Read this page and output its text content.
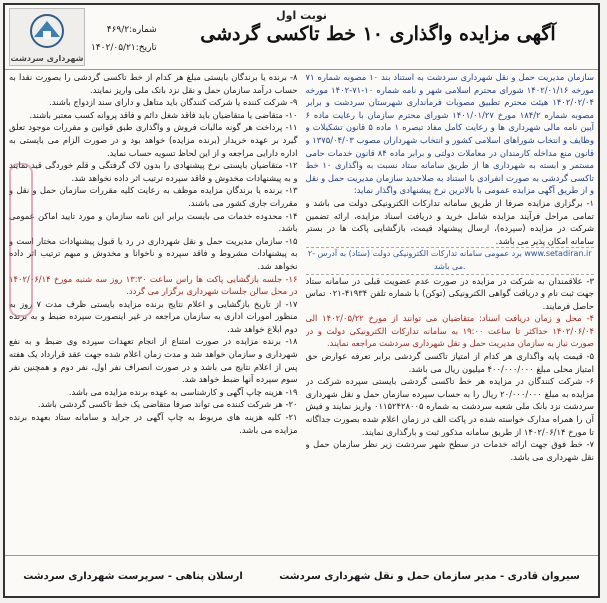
نوبت اول
آگهی مزایده واگذاری ۱۰ خط تاکسی گردشی
شماره:۴۶۹/۲
تاریخ:۱۴۰۲/۰۵/۲۱
شهرداری سردشت

سازمان مدیریت حمل و نقل شهرداری سردشت به استناد بند ۱۰ مصوبه شماره ۷۱ مورخه ۱۴۰۲/۰۱/۱۶ شورای محترم اسلامی شهر و نامه شماره ۱۰-۷۱-۱۴۰۲ مورخه ۱۴۰۲/۰۲/۰۴ هیئت محترم تطبیق مصوبات فرمانداری شهرستان سردشت و برابر مصوبه شماره ۱۸۴/۲ مورخ ۱۴۰۱/۰۱/۲۷ شورای محترم سازمان با رعایت ماده ۶ آیین نامه مالی شهرداری ها و رعایت کامل مفاد تبصره ۱ ماده ۵ قانون تشکیلات و وظایف و انتخاب شوراهای اسلامی کشور و انتخاب شهرداران مصوب ۱۳۷۵/۰۴/۰۳ و قانون منع مداخله کارمندان در معاملات دولتی و برابر ماده ۸۴ قانون خدمات حامی مستمر و ابسته به شهرداری ها از طریق سامانه ستاد نسبت به واگذاری ۱۰ خط تاکسی گردشی به صورت انفرادی با استناد به صلاحدید سازمان مدیریت حمل و نقل و از طریق آگهی مزایده عمومی با بالاترین نرخ پیشنهادی واگذار نماید:

۱- برگزاری مزایده صرفا از طریق سامانه تدارکات الکترونیکی دولت می باشد و تمامی مراحل فرآیند مزایده شامل خرید و دریافت اسناد مزایده، ارائه تضمین شرکت در مزایده (سپرده)، ارسال پیشنهاد قیمت، بازگشایی پاکت ها در بستر سامانه امکان پذیر می باشد.

۲- برد عمومی سامانه تدارکات الکترونیکی دولت (ستاد) به آدرس www.setadiran.ir می باشد.

۳- علاقمندان به شرکت در مزایده در صورت عدم عضویت قبلی در سامانه ستاد جهت ثبت نام و دریافت گواهی الکترونیکی (توکن) با شماره تلفن ۴۱۹۳۴-۰۲۱ تماس حاصل فرمایند.

۴- محل و زمان دریافت اسناد: متقاضیان می توانند از مورخ ۱۴۰۲/۰۵/۲۲ الی ۱۴۰۲/۰۶/۰۴ حداکثر تا ساعت ۱۹:۰۰ به سامانه تدارکات الکترونیکی دولت و در صورت نیاز به سازمان مدیریت حمل و نقل شهرداری سردشت مراجعه نمایند.

۵- قیمت پایه واگذاری هر کدام از امتیاز تاکسی گردشی برابر تعرفه عوارض حق امتیاز محلی مبلغ ۴۰۰/۰۰۰/۰۰۰ میلیون ریال می باشد.

۶- شرکت کنندگان در مزایده هر خط تاکسی گردشی بایستی سپرده شرکت در مزایده به مبلغ ۲۰/۰۰۰/۰۰۰ ریال را به حساب سپرده سازمان حمل و نقل شهرداری سردشت نزد بانک ملی شعبه سردشت به شماره ۰۱۱۵۲۴۲۸۰۰۵ واریز نمایند و فیش آن را همراه مدارک خواسته شده در پاکت الف در زمان اعلام شده بصورت جداگانه تا مورخ ۱۴۰۲/۰۶/۱۴ از طریق سامانه مذکور ثبت و بارگذاری نمایند.

۷- خط فوق جهت ارائه خدمات در سطح شهر سردشت زیر نظر سازمان حمل و نقل شهرداری می باشد.

۸- برنده یا برندگان بایستی مبلغ هر کدام از خط تاکسی گردشی را بصورت نقدا به حساب درآمد سازمان حمل و نقل نزد بانک ملی واریز نمایند.

۹- شرکت کننده یا شرکت کنندگان باید متاهل و دارای سند ازدواج باشند.

۱۰- متقاضی یا متقاضیان باید فاقد شغل دائم و فاقد پروانه کسب معتبر باشند.

۱۱- پرداخت هر گونه مالیات فروش و واگذاری طبق قوانین و مقررات موجود تعلق گیرد بر عهده خریدار (برنده مزایده) خواهد بود و در صورت الزام می بایستی به اداره دارایی مراجعه و از این لحاظ تسویه حساب نماید.

۱۲- متقاضیان بایستی نرخ پیشنهادی را بدون لاک گرفتگی و قلم خوردگی قید نمایند و به پیشنهادات مخدوش و فاقد سپرده ترتیب اثر داده نخواهد شد.

۱۳- برنده یا برندگان مزایده موظف به رعایت کلیه مقررات سازمان حمل و نقل و مقررات جاری کشور می باشند.

۱۴- محدوده خدمات می بایست برابر این نامه سازمان و مورد تایید اماکن عمومی باشد.

۱۵- سازمان مدیریت حمل و نقل شهرداری در رد یا قبول پیشنهادات مختار است و به پیشنهادات مشروط و فاقد سپرده و ناخوانا و مخدوش و مبهم ترتیب اثر داده نخواهد شد.

۱۶- جلسه بازگشایی پاکت ها راس ساعت ۱۳:۳۰ روز سه شنبه مورخ ۱۴۰۲/۰۶/۱۴ در محل سالن جلسات شهرداری برگزار می گردد.

۱۷- از تاریخ بازگشایی و اعلام نتایج برنده مزایده بایستی ظرف مدت ۷ روز به منظور امورات اداری به سازمان مراجعه در غیر اینصورت سپرده ضبط و به برنده دوم ابلاغ خواهد شد.

۱۸- برنده مزایده در صورت امتناع از انجام تعهدات سپرده وی ضبط و به نفع شهرداری و سازمان خواهد شد و مدت زمان اعلام شده جهت عقد قرارداد یک هفته پس از اعلام نتایج می باشد و در صورت انصراف نفر اول، نفر دوم و همچنین نفر سوم سپرده آنها ضبط خواهد شد.

۱۹- هزینه چاپ آگهی و کارشناسی به عهده برنده مزایده می باشد.

۲۰- هر شرکت کننده می تواند صرفا متقاضی یک خط تاکسی گردشی باشد.

۲۱- کلیه هزینه های مربوط به چاپ آگهی در جراید و سامانه ستاد بعهده برنده مزایده می باشد.

سیروان قادری - مدیر سازمان حمل و نقل شهرداری سردشت
ارسلان پناهی - سرپرست شهرداری سردشت
